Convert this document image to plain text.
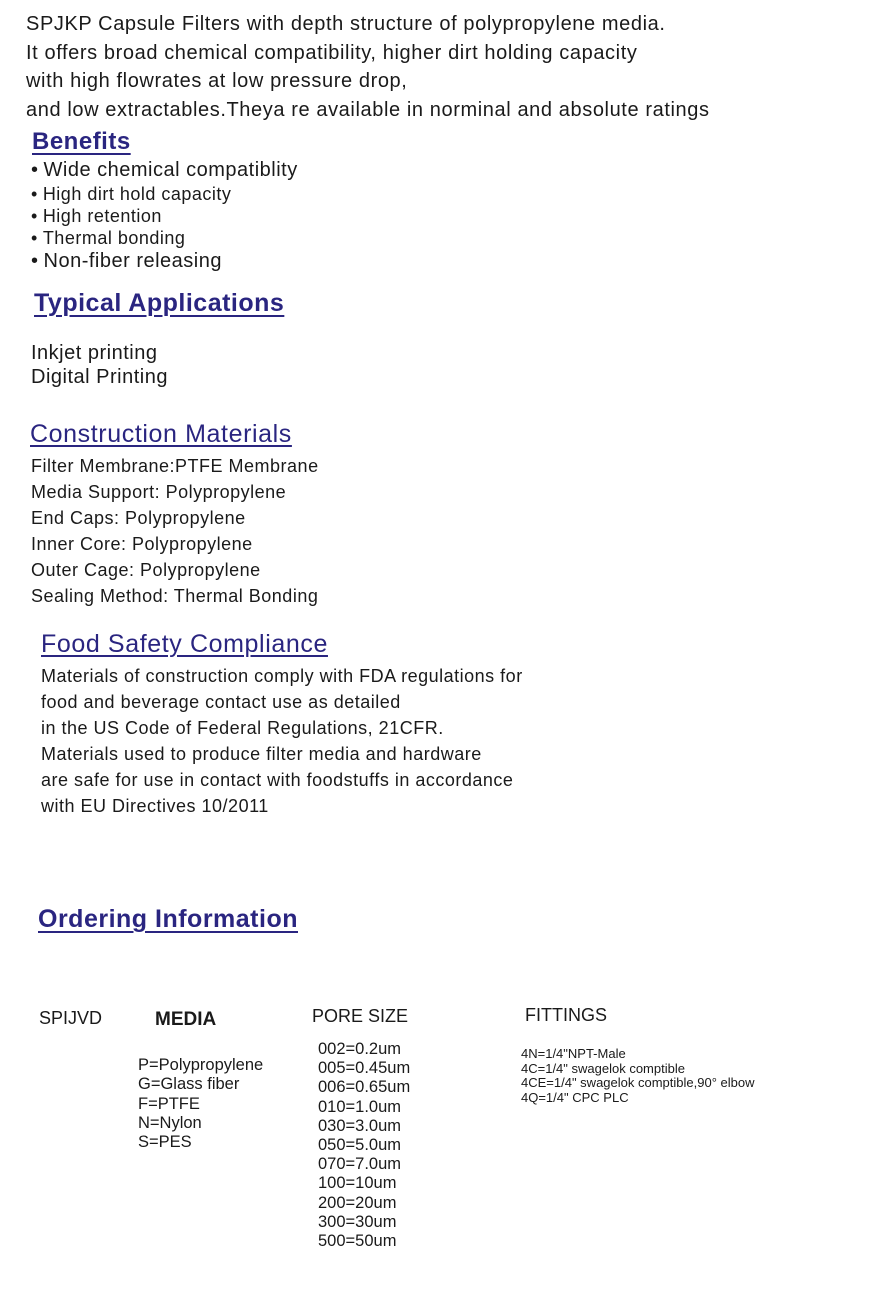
SPJKP Capsule Filters with depth structure of polypropylene media.
It offers broad chemical compatibility, higher dirt holding capacity
with high flowrates at low pressure drop,
and low extractables.Theya re available in norminal and absolute ratings
Benefits
• Wide chemical compatiblity
• High dirt hold capacity
• High retention
• Thermal bonding
• Non-fiber releasing
Typical Applications
Inkjet printing
Digital Printing
Construction Materials
Filter Membrane:PTFE Membrane
Media Support: Polypropylene
End Caps: Polypropylene
Inner Core: Polypropylene
Outer Cage: Polypropylene
Sealing Method: Thermal Bonding
Food Safety Compliance
Materials of construction comply with FDA regulations for
food and beverage contact use as detailed
in the US Code of Federal Regulations, 21CFR.
Materials used to produce filter media and hardware
are safe for use in contact with foodstuffs in accordance
with EU Directives 10/2011
Ordering Information
SPIJVD	MEDIA
P=Polypropylene
G=Glass fiber
F=PTFE
N=Nylon
S=PES
PORE SIZE
002=0.2um
005=0.45um
006=0.65um
010=1.0um
030=3.0um
050=5.0um
070=7.0um
100=10um
200=20um
300=30um
500=50um
FITTINGS
4N=1/4"NPT-Male
4C=1/4" swagelok comptible
4CE=1/4" swagelok comptible,90° elbow
4Q=1/4" CPC PLC
